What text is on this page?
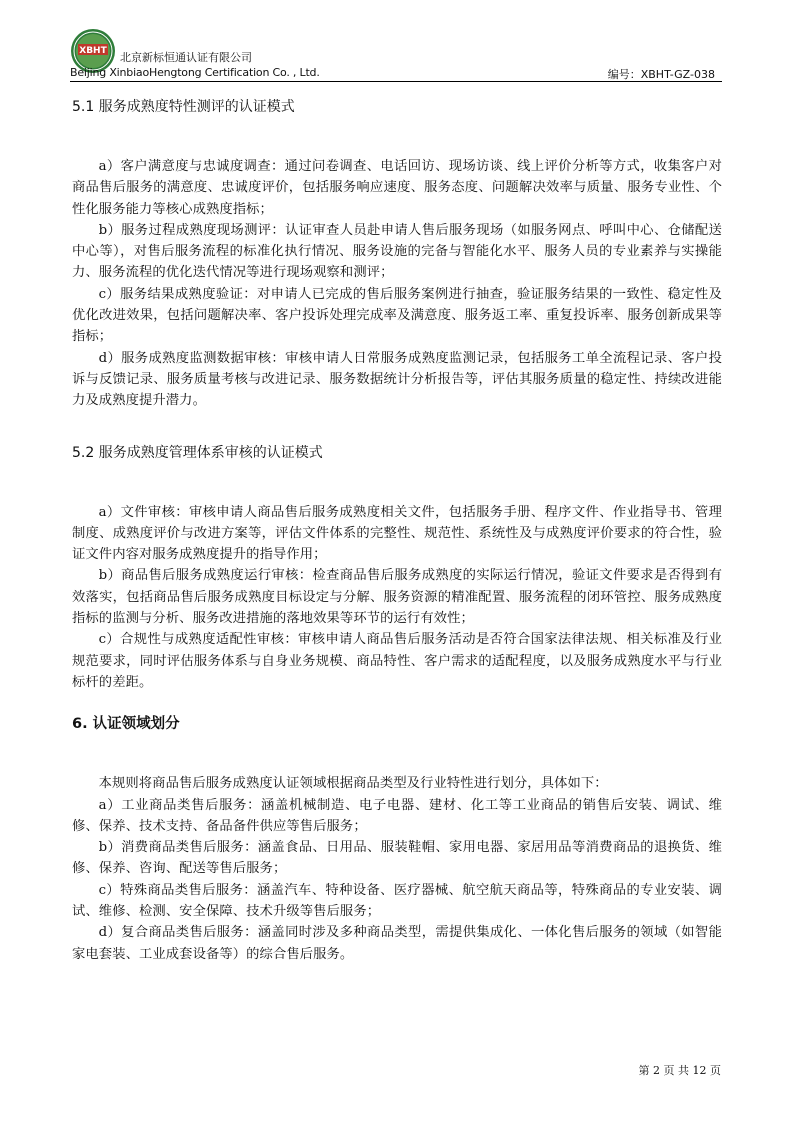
XBHT 北京新标恒通认证有限公司
Beijing XinbiaoHengtong Certification Co. , Ltd.	编号：XBHT-GZ-038

5.1 服务成熟度特性测评的认证模式

a）客户满意度与忠诚度调查：通过问卷调查、电话回访、现场访谈、线上评价分析等方式，收集客户对商品售后服务的满意度、忠诚度评价，包括服务响应速度、服务态度、问题解决效率与质量、服务专业性、个性化服务能力等核心成熟度指标；

b）服务过程成熟度现场测评：认证审查人员赴申请人售后服务现场（如服务网点、呼叫中心、仓储配送中心等），对售后服务流程的标准化执行情况、服务设施的完备与智能化水平、服务人员的专业素养与实操能力、服务流程的优化迭代情况等进行现场观察和测评；

c）服务结果成熟度验证：对申请人已完成的售后服务案例进行抽查，验证服务结果的一致性、稳定性及优化改进效果，包括问题解决率、客户投诉处理完成率及满意度、服务返工率、重复投诉率、服务创新成果等指标；

d）服务成熟度监测数据审核：审核申请人日常服务成熟度监测记录，包括服务工单全流程记录、客户投诉与反馈记录、服务质量考核与改进记录、服务数据统计分析报告等，评估其服务质量的稳定性、持续改进能力及成熟度提升潜力。

5.2 服务成熟度管理体系审核的认证模式

a）文件审核：审核申请人商品售后服务成熟度相关文件，包括服务手册、程序文件、作业指导书、管理制度、成熟度评价与改进方案等，评估文件体系的完整性、规范性、系统性及与成熟度评价要求的符合性，验证文件内容对服务成熟度提升的指导作用；

b）商品售后服务成熟度运行审核：检查商品售后服务成熟度的实际运行情况，验证文件要求是否得到有效落实，包括商品售后服务成熟度目标设定与分解、服务资源的精准配置、服务流程的闭环管控、服务成熟度指标的监测与分析、服务改进措施的落地效果等环节的运行有效性；

c）合规性与成熟度适配性审核：审核申请人商品售后服务活动是否符合国家法律法规、相关标准及行业规范要求，同时评估服务体系与自身业务规模、商品特性、客户需求的适配程度，以及服务成熟度水平与行业标杆的差距。

6. 认证领域划分

本规则将商品售后服务成熟度认证领域根据商品类型及行业特性进行划分，具体如下：

a）工业商品类售后服务：涵盖机械制造、电子电器、建材、化工等工业商品的销售后安装、调试、维修、保养、技术支持、备品备件供应等售后服务；

b）消费商品类售后服务：涵盖食品、日用品、服装鞋帽、家用电器、家居用品等消费商品的退换货、维修、保养、咨询、配送等售后服务；

c）特殊商品类售后服务：涵盖汽车、特种设备、医疗器械、航空航天商品等，特殊商品的专业安装、调试、维修、检测、安全保障、技术升级等售后服务；

d）复合商品类售后服务：涵盖同时涉及多种商品类型，需提供集成化、一体化售后服务的领域（如智能家电套装、工业成套设备等）的综合售后服务。

第 2 页 共 12 页
